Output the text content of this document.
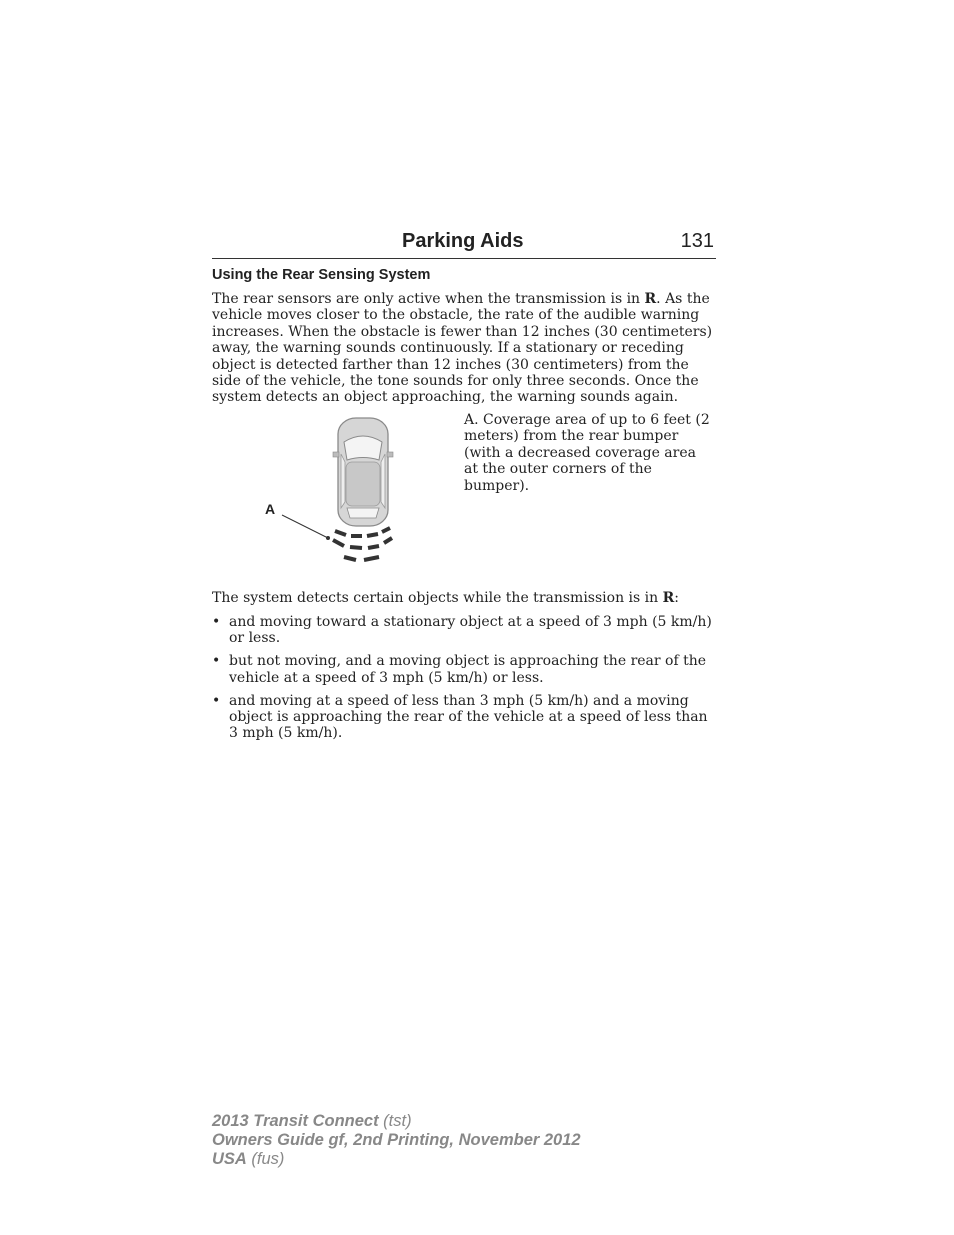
Parking Aids	131
Using the Rear Sensing System
The rear sensors are only active when the transmission is in R. As the vehicle moves closer to the obstacle, the rate of the audible warning increases. When the obstacle is fewer than 12 inches (30 centimeters) away, the warning sounds continuously. If a stationary or receding object is detected farther than 12 inches (30 centimeters) from the side of the vehicle, the tone sounds for only three seconds. Once the system detects an object approaching, the warning sounds again.
A
A. Coverage area of up to 6 feet (2 meters) from the rear bumper (with a decreased coverage area at the outer corners of the bumper).
The system detects certain objects while the transmission is in R:
• and moving toward a stationary object at a speed of 3 mph (5 km/h) or less.
• but not moving, and a moving object is approaching the rear of the vehicle at a speed of 3 mph (5 km/h) or less.
• and moving at a speed of less than 3 mph (5 km/h) and a moving object is approaching the rear of the vehicle at a speed of less than 3 mph (5 km/h).
2013 Transit Connect (tst)
Owners Guide gf, 2nd Printing, November 2012
USA (fus)
